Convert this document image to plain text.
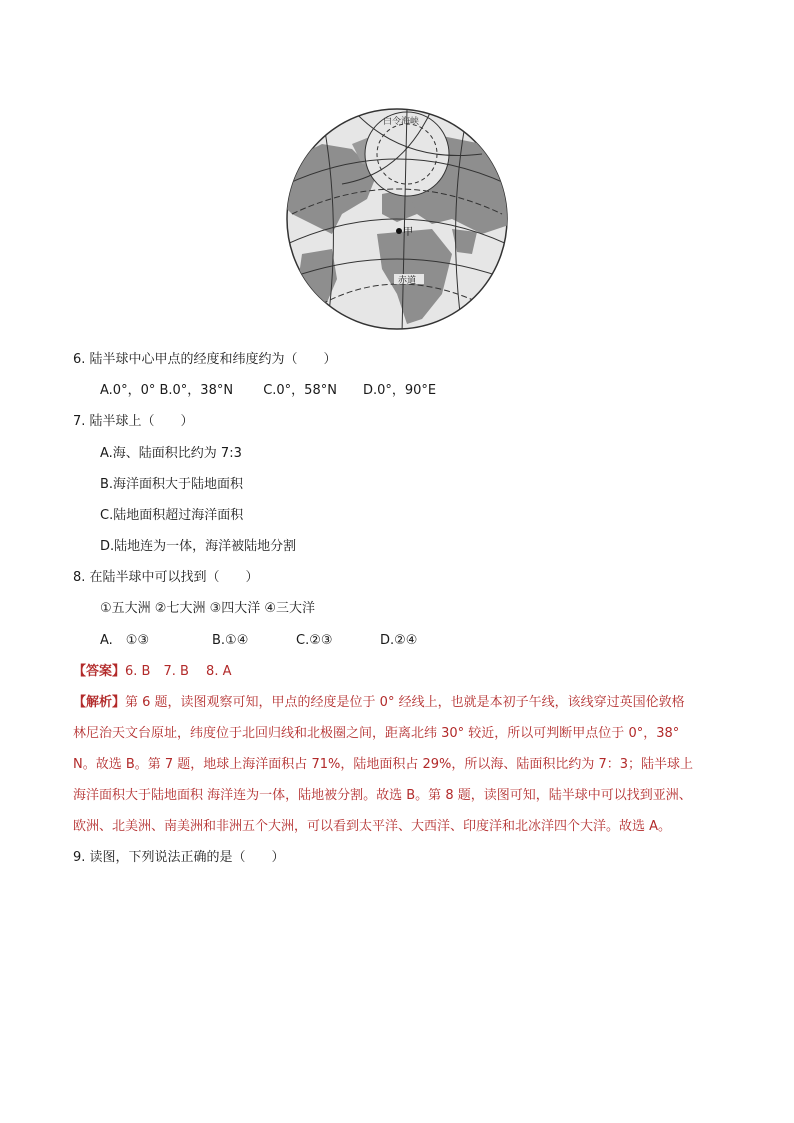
甲
白令海峡
赤道
6. 陆半球中心甲点的经度和纬度约为（　　）
A.0°，0° B.0°，38°N　　 C.0°，58°N　　D.0°，90°E
7. 陆半球上（　　）
A.海、陆面积比约为 7:3
B.海洋面积大于陆地面积
C.陆地面积超过海洋面积
D.陆地连为一体，海洋被陆地分割
8. 在陆半球中可以找到（　　）
①五大洲 ②七大洲 ③四大洋 ④三大洋
A.　①③	B.①④	C.②③	D.②④
【答案】6. B　7. B　 8. A
【解析】第 6 题，读图观察可知，甲点的经度是位于 0° 经线上，也就是本初子午线，该线穿过英国伦敦格
林尼治天文台原址，纬度位于北回归线和北极圈之间，距离北纬 30° 较近，所以可判断甲点位于 0°，38°
N。故选 B。第 7 题，地球上海洋面积占 71%，陆地面积占 29%，所以海、陆面积比约为 7：3；陆半球上
海洋面积大于陆地面积 海洋连为一体，陆地被分割。故选 B。第 8 题，读图可知，陆半球中可以找到亚洲、
欧洲、北美洲、南美洲和非洲五个大洲，可以看到太平洋、大西洋、印度洋和北冰洋四个大洋。故选 A。
9. 读图，下列说法正确的是（　　）
